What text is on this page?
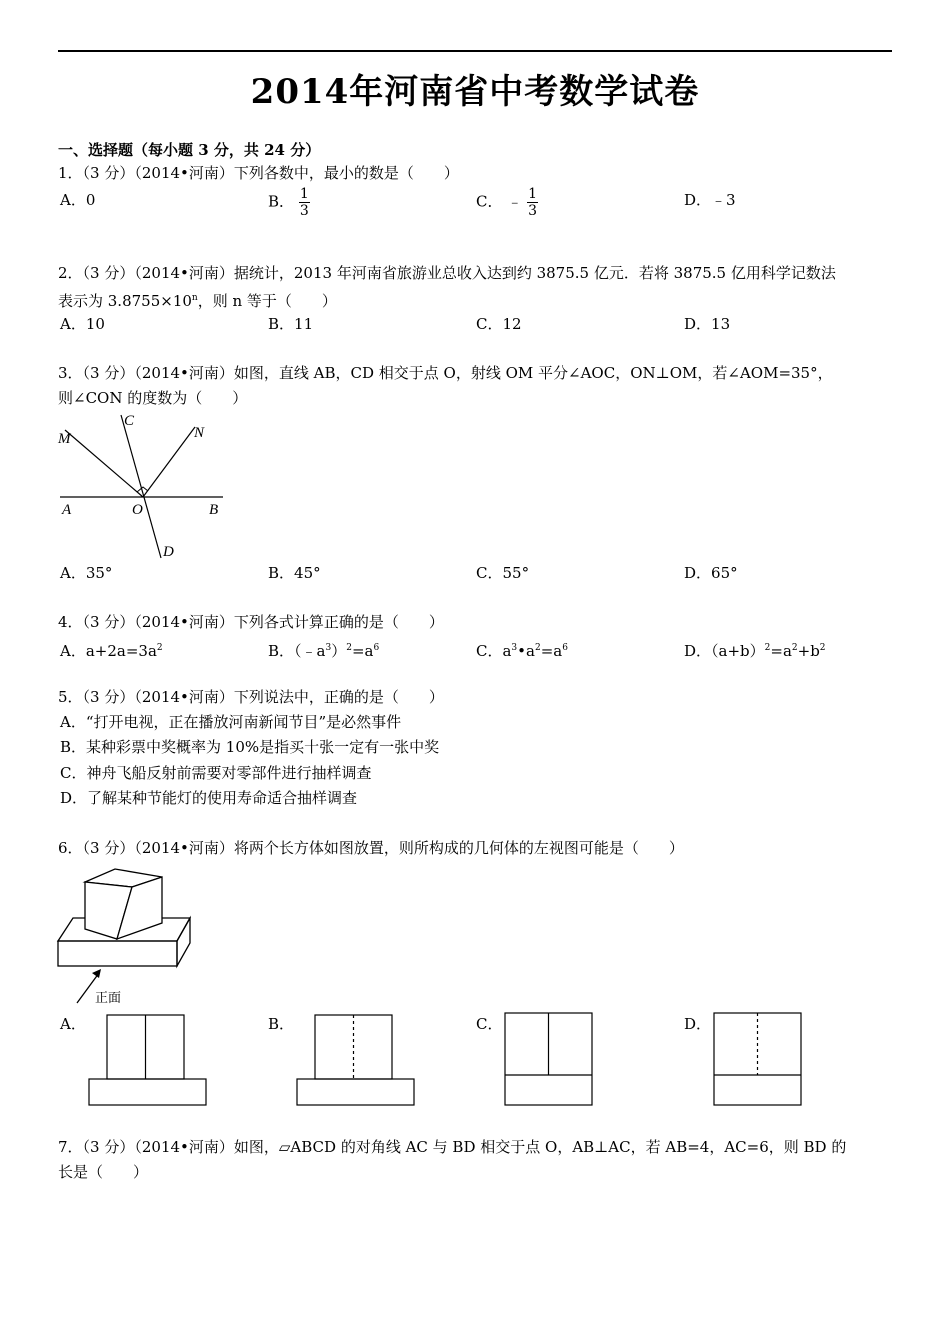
2014年河南省中考数学试卷
一、选择题（每小题 3 分，共 24 分）
1．（3 分）（2014•河南）下列各数中，最小的数是（　　）
A．0	B． $\frac{1}{3}$	C． ﹣ $\frac{1}{3}$	D．﹣3
2．（3 分）（2014•河南）据统计，2013 年河南省旅游业总收入达到约 3875.5 亿元．若将 3875.5 亿用科学记数法
表示为 $3.8755\times 10^n$，则 n 等于（　　）
A．10	B．11	C．12	D．13
3．（3 分）（2014•河南）如图，直线 AB，CD 相交于点 O，射线 OM 平分∠AOC，ON⊥OM，若∠AOM=35°，
则∠CON 的度数为（　　）
M
C
N
A	O	B
D
A．35°	B．45°	C．55°	D．65°
4．（3 分）（2014•河南）下列各式计算正确的是（　　）
A．$a+2a=3a^2$	B．$(﹣a^3)^2=a^6$	C．$a^3•a^2=a^6$	D．$(a+b)^2=a^2+b^2$
5．（3 分）（2014•河南）下列说法中，正确的是（　　）
A．“打开电视，正在播放河南新闻节目”是必然事件
B．某种彩票中奖概率为 10%是指买十张一定有一张中奖
C．神舟飞船反射前需要对零部件进行抽样调查
D．了解某种节能灯的使用寿命适合抽样调查
6．（3 分）（2014•河南）将两个长方体如图放置，则所构成的几何体的左视图可能是（　　）
正面
A．	B．	C．	D．
7．（3 分）（2014•河南）如图，▱ABCD 的对角线 AC 与 BD 相交于点 O，AB⊥AC，若 AB=4，AC=6，则 BD 的
长是（　　）
